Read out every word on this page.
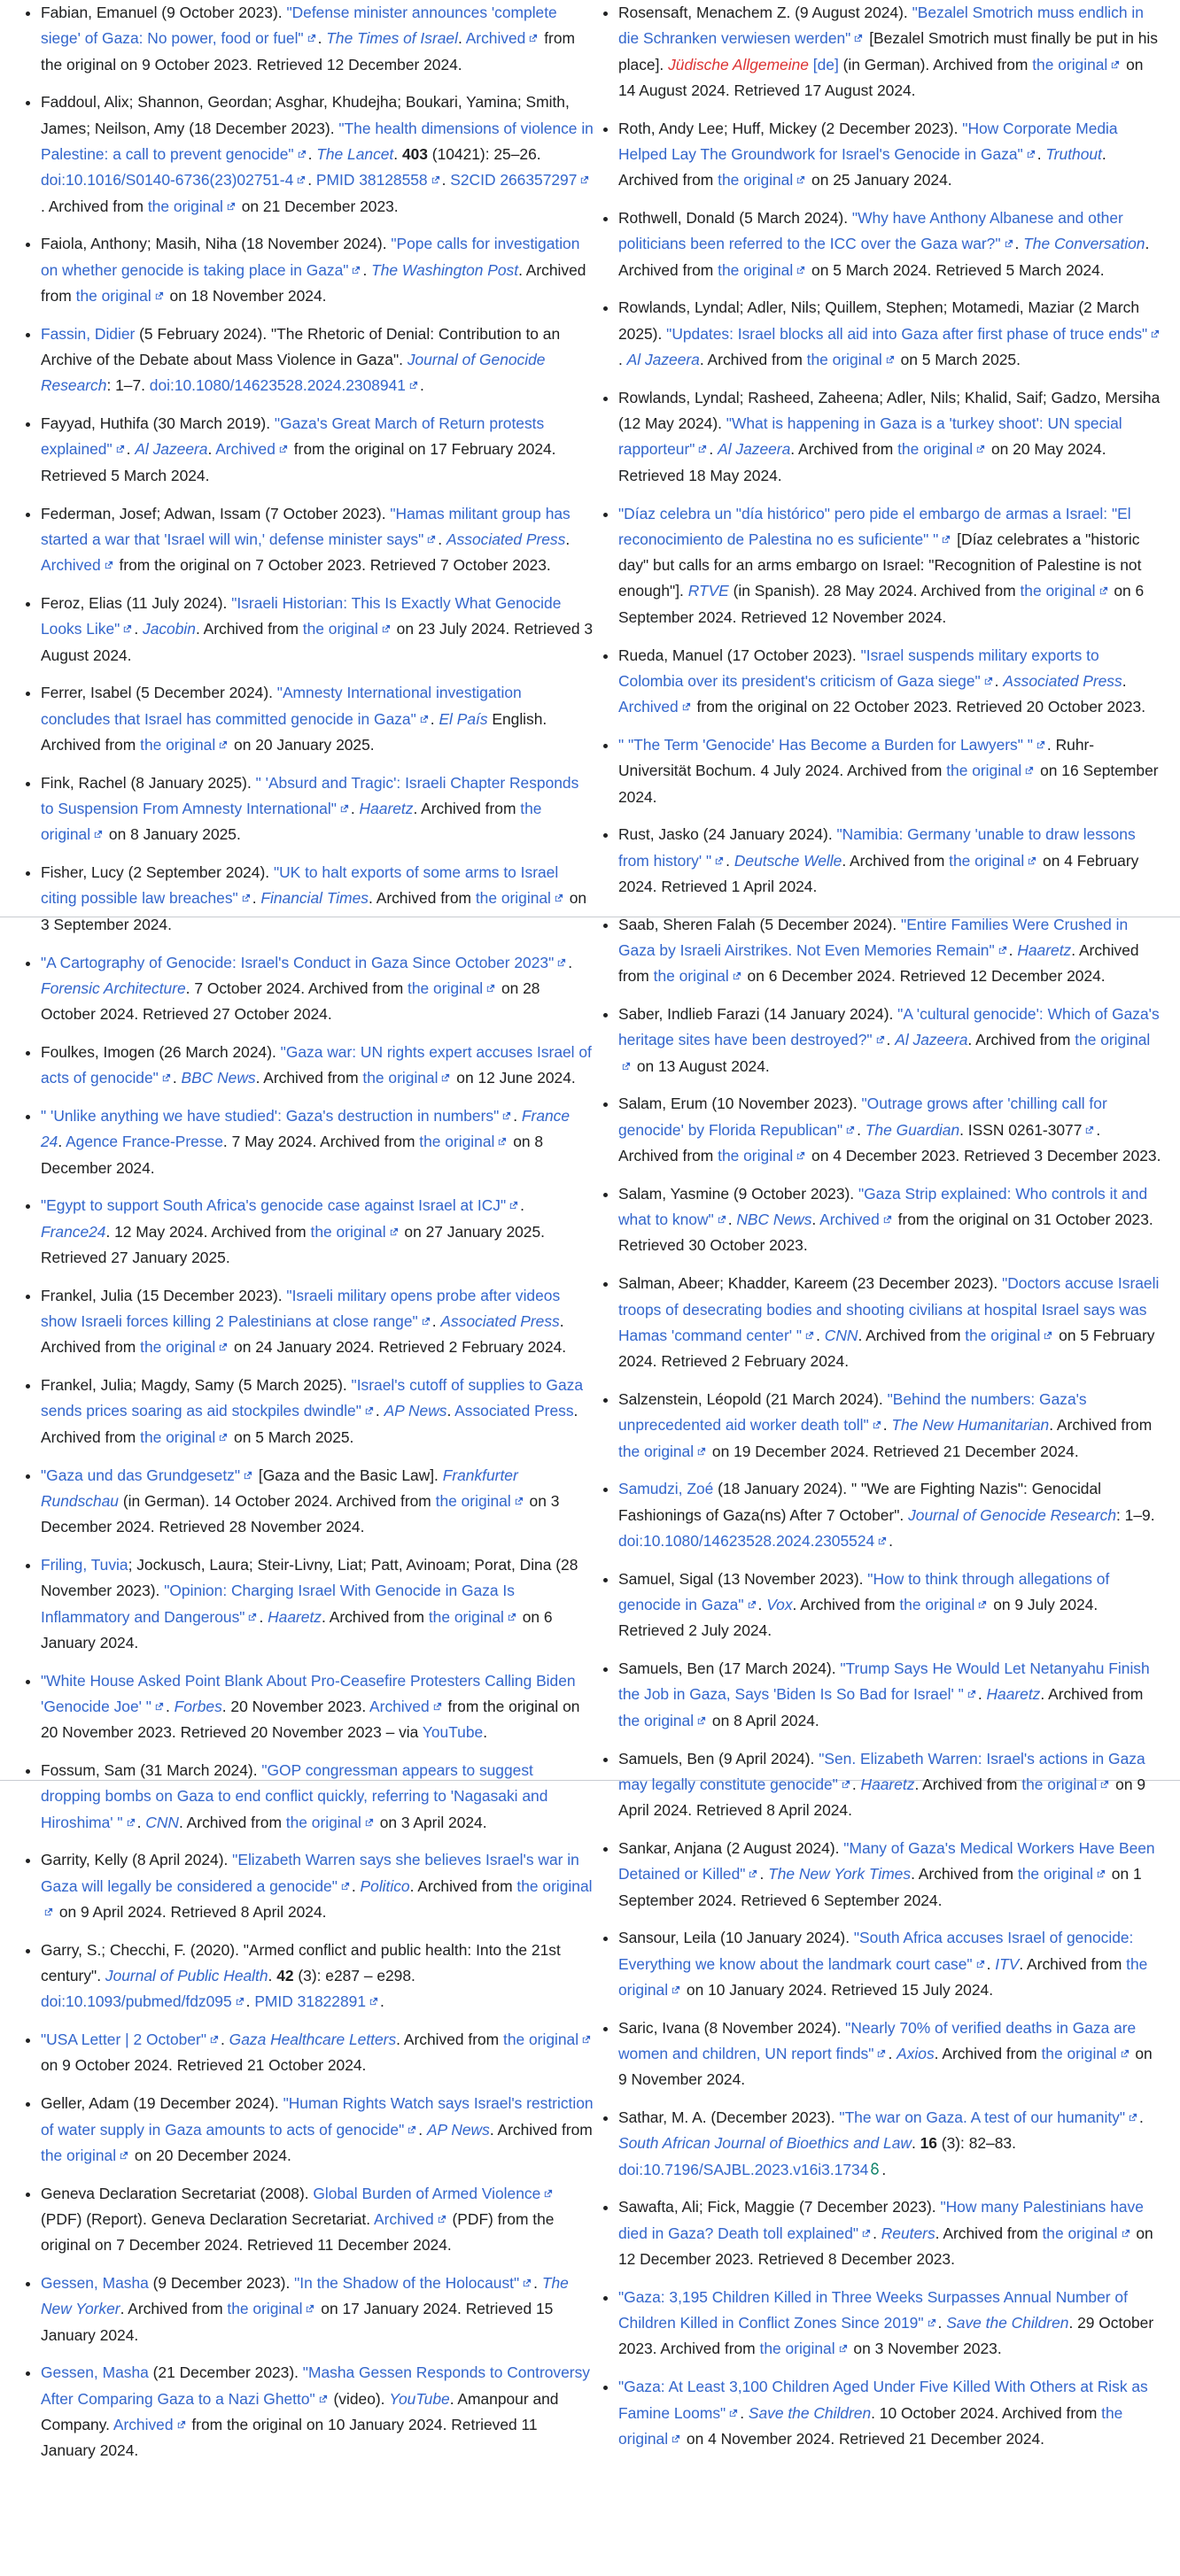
• Fabian, Emanuel (9 October 2023). "Defense minister announces 'complete siege' of Gaza: No power, food or fuel" . The Times of Israel. Archived
from the original on 9 October 2023. Retrieved 12 December 2024.
• Faddoul, Alix; Shannon, Geordan; Asghar, Khudejha; Boukari, Yamina; Smith, James; Neilson, Amy (18 December 2023). "The health dimensions of violence in Palestine: a call to prevent genocide" . The Lancet. 403 (10421): 25–26. doi:10.1016/S0140-6736(23)02751-4 . PMID 38128558 . S2CID 266357297
. Archived from the original
on 21 December 2023.
• Faiola, Anthony; Masih, Niha (18 November 2024). "Pope calls for investigation on whether genocide is taking place in Gaza" . The Washington Post. Archived from the original
on 18 November 2024.
• Fassin, Didier (5 February 2024). "The Rhetoric of Denial: Contribution to an Archive of the Debate about Mass Violence in Gaza". Journal of Genocide Research: 1–7. doi:10.1080/14623528.2024.2308941 .
• Fayyad, Huthifa (30 March 2019). "Gaza's Great March of Return protests explained" . Al Jazeera. Archived
from the original on 17 February 2024. Retrieved 5 March 2024.
• Federman, Josef; Adwan, Issam (7 October 2023). "Hamas militant group has started a war that 'Israel will win,' defense minister says" . Associated Press. Archived
from the original on 7 October 2023. Retrieved 7 October 2023.
• Feroz, Elias (11 July 2024). "Israeli Historian: This Is Exactly What Genocide Looks Like" . Jacobin. Archived from the original
on 23 July 2024. Retrieved 3 August 2024.
• Ferrer, Isabel (5 December 2024). "Amnesty International investigation concludes that Israel has committed genocide in Gaza" . El País English. Archived from the original
on 20 January 2025.
• Fink, Rachel (8 January 2025). " 'Absurd and Tragic': Israeli Chapter Responds to Suspension From Amnesty International" . Haaretz. Archived from the original
on 8 January 2025.
• Fisher, Lucy (2 September 2024). "UK to halt exports of some arms to Israel citing possible law breaches" . Financial Times. Archived from the original
on 3 September 2024.
• "A Cartography of Genocide: Israel's Conduct in Gaza Since October 2023" . Forensic Architecture. 7 October 2024. Archived from the original
on 28 October 2024. Retrieved 27 October 2024.
• Foulkes, Imogen (26 March 2024). "Gaza war: UN rights expert accuses Israel of acts of genocide" . BBC News. Archived from the original
on 12 June 2024.
• " 'Unlike anything we have studied': Gaza's destruction in numbers" . France 24. Agence France-Presse. 7 May 2024. Archived from the original
on 8 December 2024.
• "Egypt to support South Africa's genocide case against Israel at ICJ" . France24. 12 May 2024. Archived from the original
on 27 January 2025. Retrieved 27 January 2025.
• Frankel, Julia (15 December 2023). "Israeli military opens probe after videos show Israeli forces killing 2 Palestinians at close range" . Associated Press. Archived from the original
on 24 January 2024. Retrieved 2 February 2024.
• Frankel, Julia; Magdy, Samy (5 March 2025). "Israel's cutoff of supplies to Gaza sends prices soaring as aid stockpiles dwindle" . AP News. Associated Press. Archived from the original
on 5 March 2025.
• "Gaza und das Grundgesetz"
[Gaza and the Basic Law]. Frankfurter Rundschau (in German). 14 October 2024. Archived from the original
on 3 December 2024. Retrieved 28 November 2024.
• Friling, Tuvia; Jockusch, Laura; Steir-Livny, Liat; Patt, Avinoam; Porat, Dina (28 November 2023). "Opinion: Charging Israel With Genocide in Gaza Is Inflammatory and Dangerous" . Haaretz. Archived from the original
on 6 January 2024.
• "White House Asked Point Blank About Pro-Ceasefire Protesters Calling Biden 'Genocide Joe' " . Forbes. 20 November 2023. Archived
from the original on 20 November 2023. Retrieved 20 November 2023 – via YouTube.
• Fossum, Sam (31 March 2024). "GOP congressman appears to suggest dropping bombs on Gaza to end conflict quickly, referring to 'Nagasaki and Hiroshima' " . CNN. Archived from the original
on 3 April 2024.
• Garrity, Kelly (8 April 2024). "Elizabeth Warren says she believes Israel's war in Gaza will legally be considered a genocide" . Politico. Archived from the original
on 9 April 2024. Retrieved 8 April 2024.
• Garry, S.; Checchi, F. (2020). "Armed conflict and public health: Into the 21st century". Journal of Public Health. 42 (3): e287 – e298. doi:10.1093/pubmed/fdz095 . PMID 31822891 .
• "USA Letter | 2 October" . Gaza Healthcare Letters. Archived from the original
on 9 October 2024. Retrieved 21 October 2024.
• Geller, Adam (19 December 2024). "Human Rights Watch says Israel's restriction of water supply in Gaza amounts to acts of genocide" . AP News. Archived from the original
on 20 December 2024.
• Geneva Declaration Secretariat (2008). Global Burden of Armed Violence
(PDF) (Report). Geneva Declaration Secretariat. Archived
(PDF) from the original on 7 December 2024. Retrieved 11 December 2024.
• Gessen, Masha (9 December 2023). "In the Shadow of the Holocaust" . The New Yorker. Archived from the original
on 17 January 2024. Retrieved 15 January 2024.
• Gessen, Masha (21 December 2023). "Masha Gessen Responds to Controversy After Comparing Gaza to a Nazi Ghetto"
(video). YouTube. Amanpour and Company. Archived
from the original on 10 January 2024. Retrieved 11 January 2024.
• Rosensaft, Menachem Z. (9 August 2024). "Bezalel Smotrich muss endlich in die Schranken verwiesen werden"
[Bezalel Smotrich must finally be put in his place]. Jüdische Allgemeine [de] (in German). Archived from the original
on 14 August 2024. Retrieved 17 August 2024.
• Roth, Andy Lee; Huff, Mickey (2 December 2023). "How Corporate Media Helped Lay The Groundwork for Israel's Genocide in Gaza" . Truthout. Archived from the original
on 25 January 2024.
• Rothwell, Donald (5 March 2024). "Why have Anthony Albanese and other politicians been referred to the ICC over the Gaza war?" . The Conversation. Archived from the original
on 5 March 2024. Retrieved 5 March 2024.
• Rowlands, Lyndal; Adler, Nils; Quillem, Stephen; Motamedi, Maziar (2 March 2025). "Updates: Israel blocks all aid into Gaza after first phase of truce ends"
. Al Jazeera. Archived from the original
on 5 March 2025.
• Rowlands, Lyndal; Rasheed, Zaheena; Adler, Nils; Khalid, Saif; Gadzo, Mersiha (12 May 2024). "What is happening in Gaza is a 'turkey shoot': UN special rapporteur" . Al Jazeera. Archived from the original
on 20 May 2024. Retrieved 18 May 2024.
• "Díaz celebra un "día histórico" pero pide el embargo de armas a Israel: "El reconocimiento de Palestina no es suficiente" "
[Díaz celebrates a "historic day" but calls for an arms embargo on Israel: "Recognition of Palestine is not enough"]. RTVE (in Spanish). 28 May 2024. Archived from the original
on 6 September 2024. Retrieved 12 November 2024.
• Rueda, Manuel (17 October 2023). "Israel suspends military exports to Colombia over its president's criticism of Gaza siege" . Associated Press. Archived
from the original on 22 October 2023. Retrieved 20 October 2023.
• " "The Term 'Genocide' Has Become a Burden for Lawyers" " . Ruhr-Universität Bochum. 4 July 2024. Archived from the original
on 16 September 2024.
• Rust, Jasko (24 January 2024). "Namibia: Germany 'unable to draw lessons from history' " . Deutsche Welle. Archived from the original
on 4 February 2024. Retrieved 1 April 2024.
• Saab, Sheren Falah (5 December 2024). "Entire Families Were Crushed in Gaza by Israeli Airstrikes. Not Even Memories Remain" . Haaretz. Archived from the original
on 6 December 2024. Retrieved 12 December 2024.
• Saber, Indlieb Farazi (14 January 2024). "A 'cultural genocide': Which of Gaza's heritage sites have been destroyed?" . Al Jazeera. Archived from the original
on 13 August 2024.
• Salam, Erum (10 November 2023). "Outrage grows after 'chilling call for genocide' by Florida Republican" . The Guardian. ISSN 0261-3077 . Archived from the original
on 4 December 2023. Retrieved 3 December 2023.
• Salam, Yasmine (9 October 2023). "Gaza Strip explained: Who controls it and what to know" . NBC News. Archived
from the original on 31 October 2023. Retrieved 30 October 2023.
• Salman, Abeer; Khadder, Kareem (23 December 2023). "Doctors accuse Israeli troops of desecrating bodies and shooting civilians at hospital Israel says was Hamas 'command center' " . CNN. Archived from the original
on 5 February 2024. Retrieved 2 February 2024.
• Salzenstein, Léopold (21 March 2024). "Behind the numbers: Gaza's unprecedented aid worker death toll" . The New Humanitarian. Archived from the original
on 19 December 2024. Retrieved 21 December 2024.
• Samudzi, Zoé (18 January 2024). " "We are Fighting Nazis": Genocidal Fashionings of Gaza(ns) After 7 October". Journal of Genocide Research: 1–9. doi:10.1080/14623528.2024.2305524 .
• Samuel, Sigal (13 November 2023). "How to think through allegations of genocide in Gaza" . Vox. Archived from the original
on 9 July 2024. Retrieved 2 July 2024.
• Samuels, Ben (17 March 2024). "Trump Says He Would Let Netanyahu Finish the Job in Gaza, Says 'Biden Is So Bad for Israel' " . Haaretz. Archived from the original
on 8 April 2024.
• Samuels, Ben (9 April 2024). "Sen. Elizabeth Warren: Israel's actions in Gaza may legally constitute genocide" . Haaretz. Archived from the original
on 9 April 2024. Retrieved 8 April 2024.
• Sankar, Anjana (2 August 2024). "Many of Gaza's Medical Workers Have Been Detained or Killed" . The New York Times. Archived from the original
on 1 September 2024. Retrieved 6 September 2024.
• Sansour, Leila (10 January 2024). "South Africa accuses Israel of genocide: Everything we know about the landmark court case" . ITV. Archived from the original
on 10 January 2024. Retrieved 15 July 2024.
• Saric, Ivana (8 November 2024). "Nearly 70% of verified deaths in Gaza are women and children, UN report finds" . Axios. Archived from the original
on 9 November 2024.
• Sathar, M. A. (December 2023). "The war on Gaza. A test of our humanity" . South African Journal of Bioethics and Law. 16 (3): 82–83. doi:10.7196/SAJBL.2023.v16i3.1734 .
• Sawafta, Ali; Fick, Maggie (7 December 2023). "How many Palestinians have died in Gaza? Death toll explained" . Reuters. Archived from the original
on 12 December 2023. Retrieved 8 December 2023.
• "Gaza: 3,195 Children Killed in Three Weeks Surpasses Annual Number of Children Killed in Conflict Zones Since 2019" . Save the Children. 29 October 2023. Archived from the original
on 3 November 2023.
• "Gaza: At Least 3,100 Children Aged Under Five Killed With Others at Risk as Famine Looms" . Save the Children. 10 October 2024. Archived from the original
on 4 November 2024. Retrieved 21 December 2024.
